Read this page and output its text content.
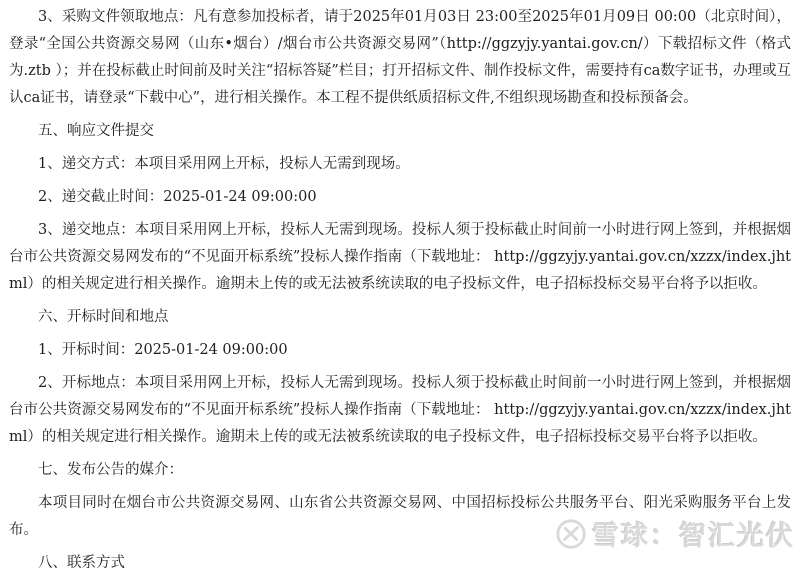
3、采购文件领取地点：凡有意参加投标者，请于2025年01月03日 23:00至2025年01月09日 00:00（北京时间），登录“全国公共资源交易网（山东•烟台）/烟台市公共资源交易网”（http://ggzyjy.yantai.gov.cn/）下载招标文件（格式为.ztb ）；并在投标截止时间前及时关注“招标答疑”栏目；打开招标文件、制作投标文件，需要持有ca数字证书，办理或互认ca证书，请登录“下载中心”，进行相关操作。本工程不提供纸质招标文件,不组织现场勘查和投标预备会。

五、响应文件提交

1、递交方式：本项目采用网上开标，投标人无需到现场。

2、递交截止时间：2025-01-24 09:00:00

3、递交地点：本项目采用网上开标，投标人无需到现场。投标人须于投标截止时间前一小时进行网上签到，并根据烟台市公共资源交易网发布的“不见面开标系统”投标人操作指南（下载地址： http://ggzyjy.yantai.gov.cn/xzzx/index.jhtml）的相关规定进行相关操作。逾期未上传的或无法被系统读取的电子投标文件，电子招标投标交易平台将予以拒收。

六、开标时间和地点

1、开标时间：2025-01-24 09:00:00

2、开标地点：本项目采用网上开标，投标人无需到现场。投标人须于投标截止时间前一小时进行网上签到，并根据烟台市公共资源交易网发布的“不见面开标系统”投标人操作指南（下载地址： http://ggzyjy.yantai.gov.cn/xzzx/index.jhtml）的相关规定进行相关操作。逾期未上传的或无法被系统读取的电子投标文件，电子招标投标交易平台将予以拒收。

七、发布公告的媒介：

本项目同时在烟台市公共资源交易网、山东省公共资源交易网、中国招标投标公共服务平台、阳光采购服务平台上发布。

八、联系方式

雪球：智汇光伏
